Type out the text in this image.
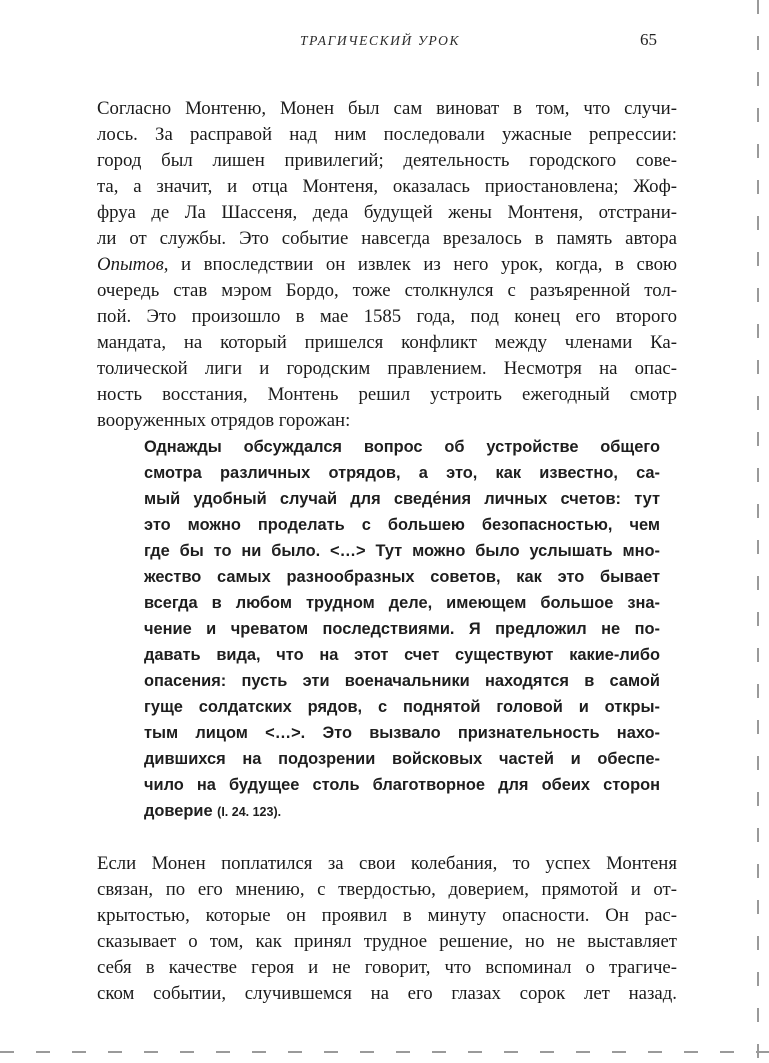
ТРАГИЧЕСКИЙ УРОК	65
Согласно Монтеню, Монен был сам виноват в том, что случи-
лось. За расправой над ним последовали ужасные репрессии:
город был лишен привилегий; деятельность городского сове-
та, а значит, и отца Монтеня, оказалась приостановлена; Жоф-
фруа де Ла Шассеня, деда будущей жены Монтеня, отстрани-
ли от службы. Это событие навсегда врезалось в память автора
Опытов, и впоследствии он извлек из него урок, когда, в свою
очередь став мэром Бордо, тоже столкнулся с разъяренной тол-
пой. Это произошло в мае 1585 года, под конец его второго
мандата, на который пришелся конфликт между членами Ка-
толической лиги и городским правлением. Несмотря на опас-
ность восстания, Монтень решил устроить ежегодный смотр
вооруженных отрядов горожан:
Однажды обсуждался вопрос об устройстве общего
смотра различных отрядов, а это, как известно, са-
мый удобный случай для сведе́ния личных счетов: тут
это можно проделать с большею безопасностью, чем
где бы то ни было. <…> Тут можно было услышать мно-
жество самых разнообразных советов, как это бывает
всегда в любом трудном деле, имеющем большое зна-
чение и чреватом последствиями. Я предложил не по-
давать вида, что на этот счет существуют какие-либо
опасения: пусть эти военачальники находятся в самой
гуще солдатских рядов, с поднятой головой и откры-
тым лицом <…>. Это вызвало признательность нахо-
дившихся на подозрении войсковых частей и обеспе-
чило на будущее столь благотворное для обеих сторон
доверие (I. 24. 123).
Если Монен поплатился за свои колебания, то успех Монтеня
связан, по его мнению, с твердостью, доверием, прямотой и от-
крытостью, которые он проявил в минуту опасности. Он рас-
сказывает о том, как принял трудное решение, но не выставляет
себя в качестве героя и не говорит, что вспоминал о трагиче-
ском событии, случившемся на его глазах сорок лет назад.
